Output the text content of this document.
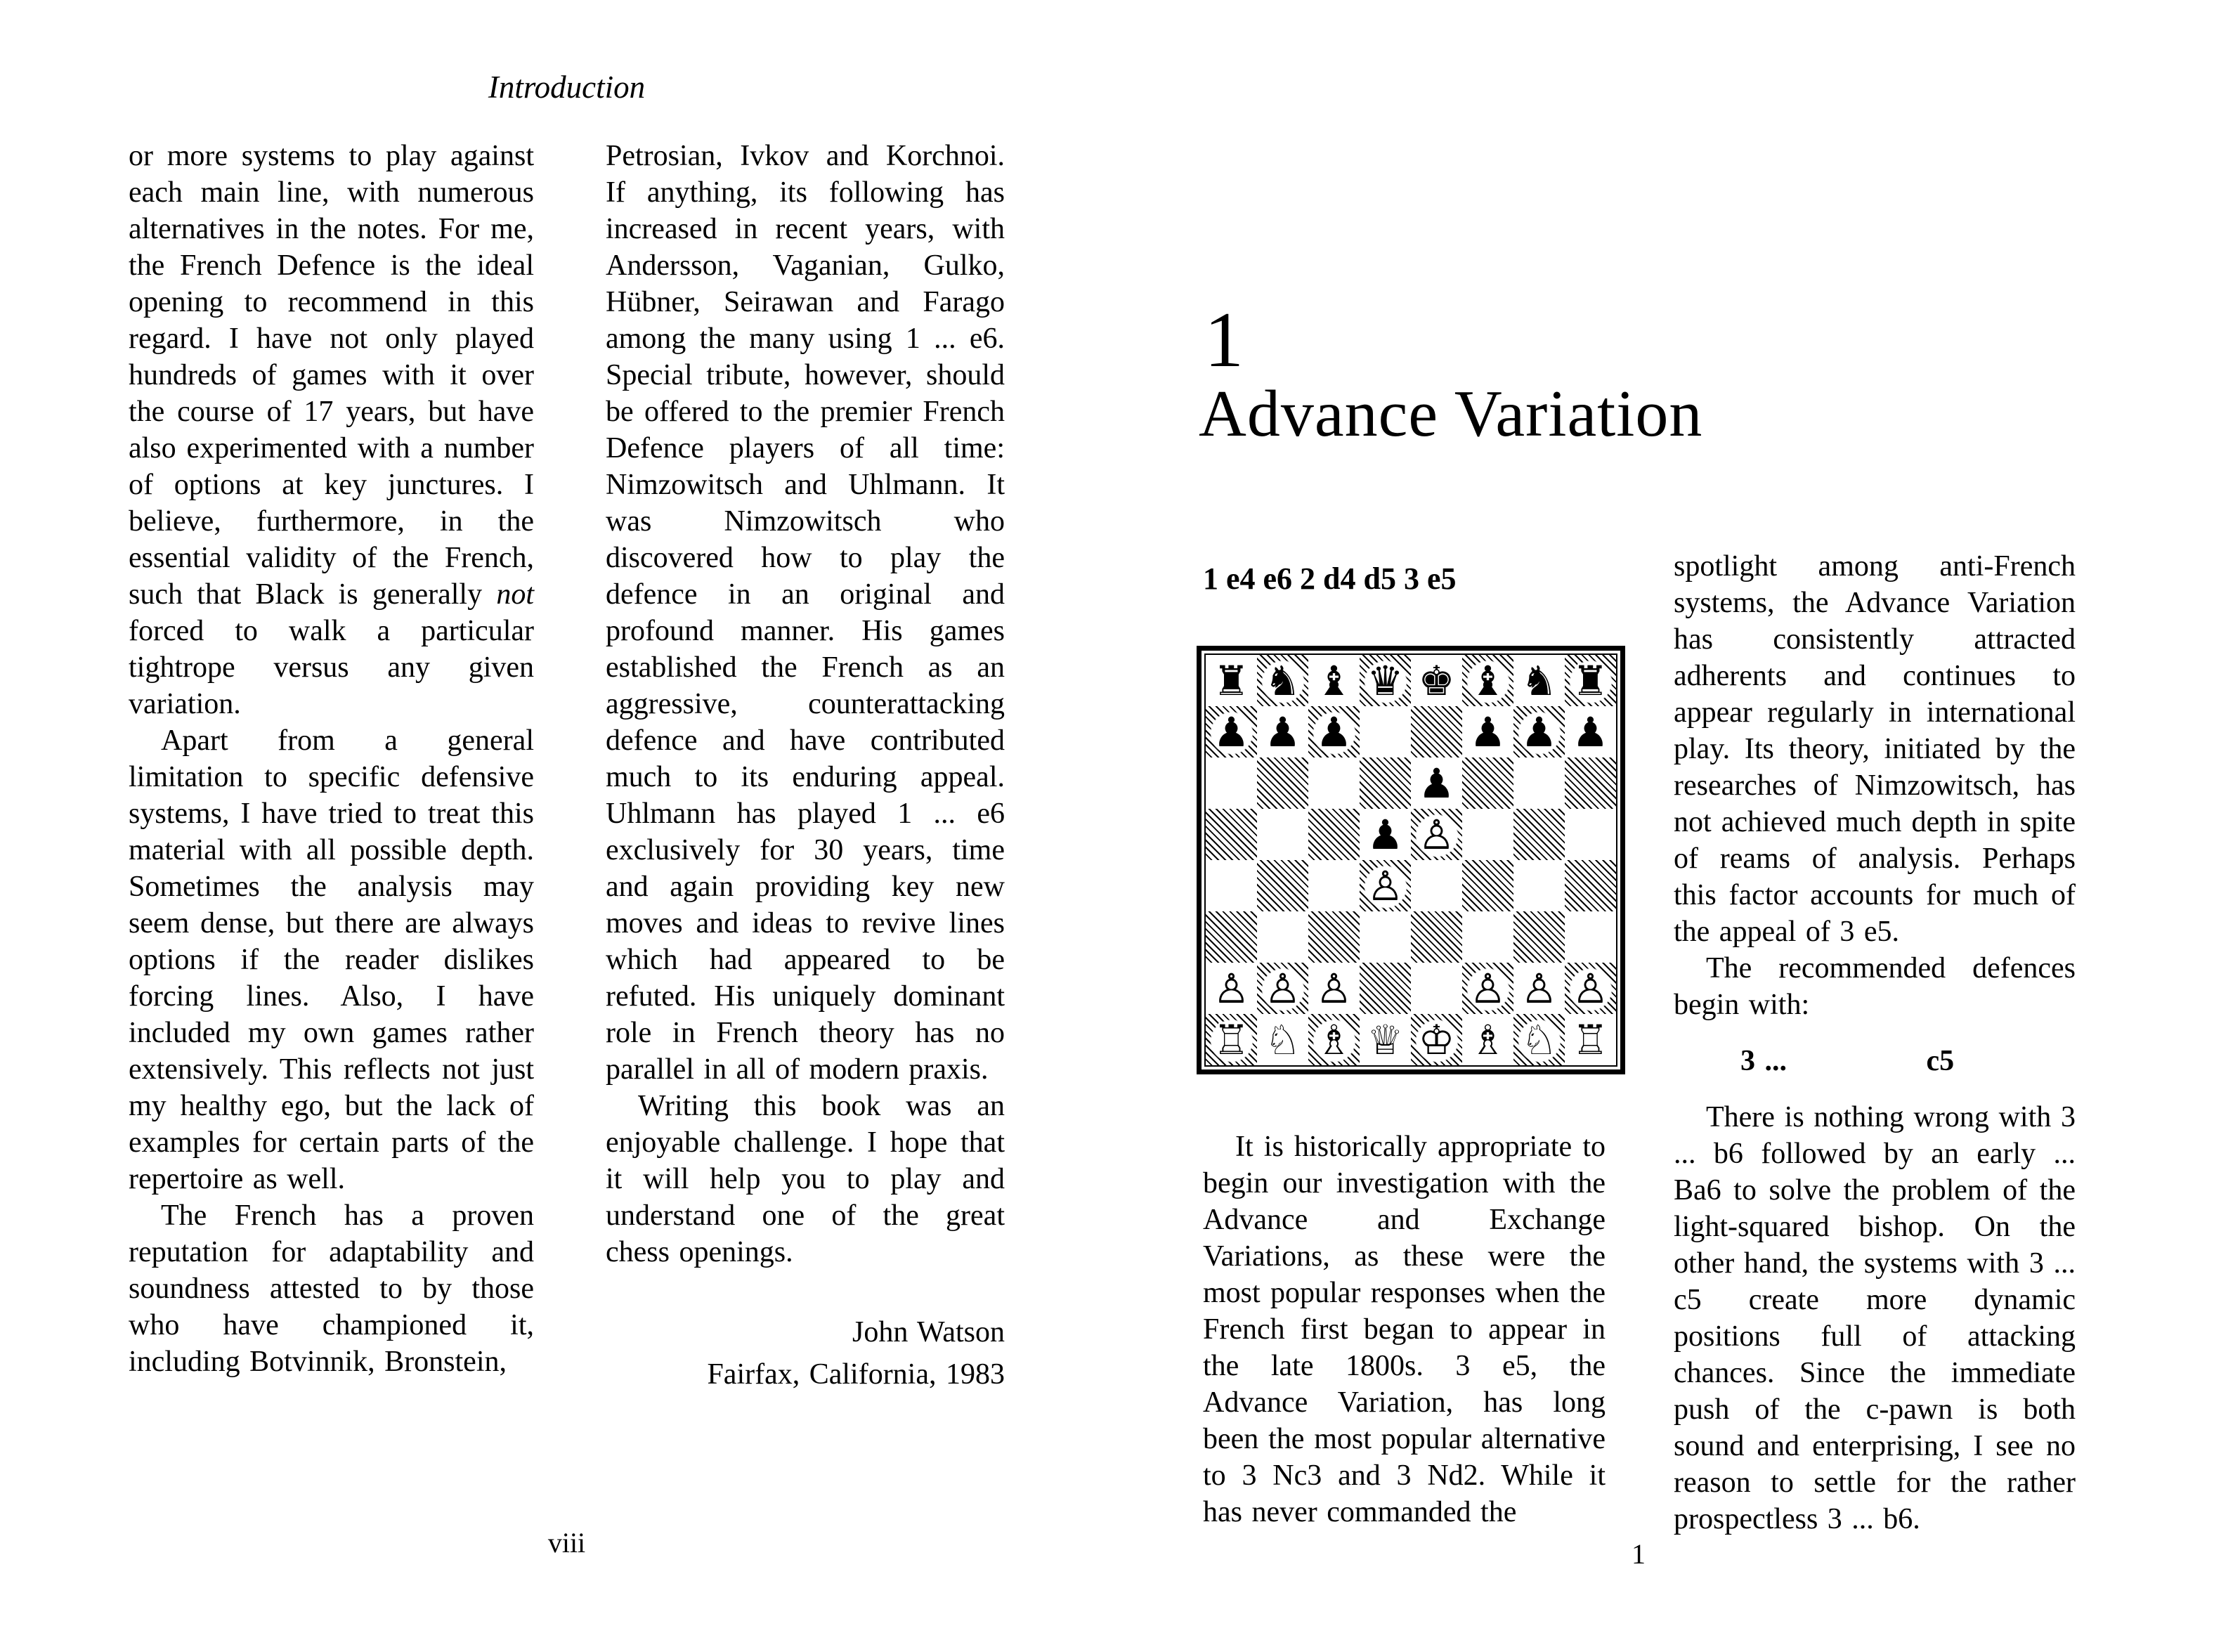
Introduction

or more systems to play against each main line, with numerous alternatives in the notes. For me, the French Defence is the ideal opening to recommend in this regard. I have not only played hundreds of games with it over the course of 17 years, but have also experimented with a number of options at key junctures. I believe, furthermore, in the essential validity of the French, such that Black is generally not forced to walk a particular tightrope versus any given variation.

Apart from a general limitation to specific defensive systems, I have tried to treat this material with all possible depth. Sometimes the analysis may seem dense, but there are always options if the reader dislikes forcing lines. Also, I have included my own games rather extensively. This reflects not just my healthy ego, but the lack of examples for certain parts of the repertoire as well.

The French has a proven reputation for adaptability and soundness attested to by those who have championed it, including Botvinnik, Bronstein,

Petrosian, Ivkov and Korchnoi. If anything, its following has increased in recent years, with Andersson, Vaganian, Gulko, Hübner, Seirawan and Farago among the many using 1 ... e6. Special tribute, however, should be offered to the premier French Defence players of all time: Nimzowitsch and Uhlmann. It was Nimzowitsch who discovered how to play the defence in an original and profound manner. His games established the French as an aggressive, counterattacking defence and have contributed much to its enduring appeal. Uhlmann has played 1 ... e6 exclusively for 30 years, time and again providing key new moves and ideas to revive lines which had appeared to be refuted. His uniquely dominant role in French theory has no parallel in all of modern praxis.

Writing this book was an enjoyable challenge. I hope that it will help you to play and understand one of the great chess openings.

John Watson
Fairfax, California, 1983
viii
1
Advance Variation
1 e4 e6 2 d4 d5 3 e5
♜ ♞ ♝ ♛ ♚ ♝ ♞ ♜
♟ ♟ ♟	♟ ♟ ♟
♟
♟ ♙
♙
♙ ♙ ♙	♙ ♙ ♙
♖ ♘ ♗ ♕ ♔ ♗ ♘ ♖

It is historically appropriate to begin our investigation with the Advance and Exchange Variations, as these were the most popular responses when the French first began to appear in the late 1800s. 3 e5, the Advance Variation, has long been the most popular alternative to 3 Nc3 and 3 Nd2. While it has never commanded the

spotlight among anti-French systems, the Advance Variation has consistently attracted adherents and continues to appear regularly in international play. Its theory, initiated by the researches of Nimzowitsch, has not achieved much depth in spite of reams of analysis. Perhaps this factor accounts for much of the appeal of 3 e5.

The recommended defences begin with:

3 ...	c5

There is nothing wrong with 3 ... b6 followed by an early ... Ba6 to solve the problem of the light-squared bishop. On the other hand, the systems with 3 ... c5 create more dynamic positions full of attacking chances. Since the immediate push of the c-pawn is both sound and enterprising, I see no reason to settle for the rather prospectless 3 ... b6.

1
